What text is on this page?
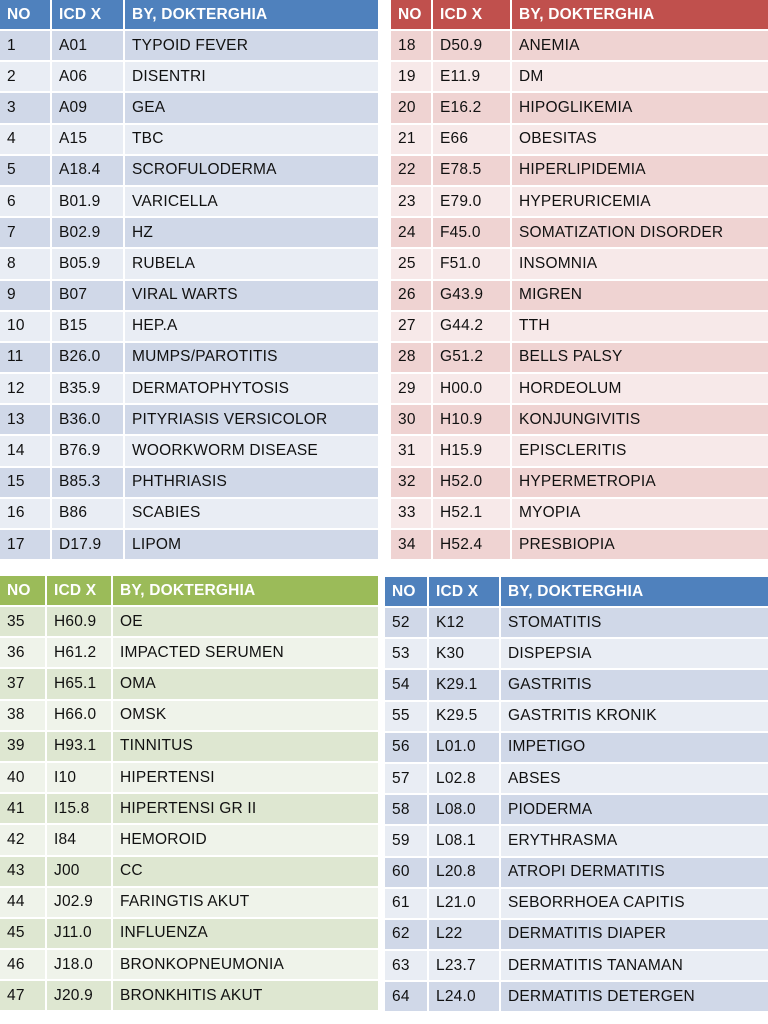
NO	ICD X	BY, DOKTERGHIA
1	A01	TYPOID FEVER
2	A06	DISENTRI
3	A09	GEA
4	A15	TBC
5	A18.4	SCROFULODERMA
6	B01.9	VARICELLA
7	B02.9	HZ
8	B05.9	RUBELA
9	B07	VIRAL WARTS
10	B15	HEP.A
11	B26.0	MUMPS/PAROTITIS
12	B35.9	DERMATOPHYTOSIS
13	B36.0	PITYRIASIS VERSICOLOR
14	B76.9	WOORKWORM DISEASE
15	B85.3	PHTHRIASIS
16	B86	SCABIES
17	D17.9	LIPOM
NO	ICD X	BY, DOKTERGHIA
18	D50.9	ANEMIA
19	E11.9	DM
20	E16.2	HIPOGLIKEMIA
21	E66	OBESITAS
22	E78.5	HIPERLIPIDEMIA
23	E79.0	HYPERURICEMIA
24	F45.0	SOMATIZATION DISORDER
25	F51.0	INSOMNIA
26	G43.9	MIGREN
27	G44.2	TTH
28	G51.2	BELLS PALSY
29	H00.0	HORDEOLUM
30	H10.9	KONJUNGIVITIS
31	H15.9	EPISCLERITIS
32	H52.0	HYPERMETROPIA
33	H52.1	MYOPIA
34	H52.4	PRESBIOPIA
NO	ICD X	BY, DOKTERGHIA
35	H60.9	OE
36	H61.2	IMPACTED SERUMEN
37	H65.1	OMA
38	H66.0	OMSK
39	H93.1	TINNITUS
40	I10	HIPERTENSI
41	I15.8	HIPERTENSI GR II
42	I84	HEMOROID
43	J00	CC
44	J02.9	FARINGTIS AKUT
45	J11.0	INFLUENZA
46	J18.0	BRONKOPNEUMONIA
47	J20.9	BRONKHITIS AKUT
NO	ICD X	BY, DOKTERGHIA
52	K12	STOMATITIS
53	K30	DISPEPSIA
54	K29.1	GASTRITIS
55	K29.5	GASTRITIS KRONIK
56	L01.0	IMPETIGO
57	L02.8	ABSES
58	L08.0	PIODERMA
59	L08.1	ERYTHRASMA
60	L20.8	ATROPI DERMATITIS
61	L21.0	SEBORRHOEA CAPITIS
62	L22	DERMATITIS DIAPER
63	L23.7	DERMATITIS TANAMAN
64	L24.0	DERMATITIS DETERGEN
